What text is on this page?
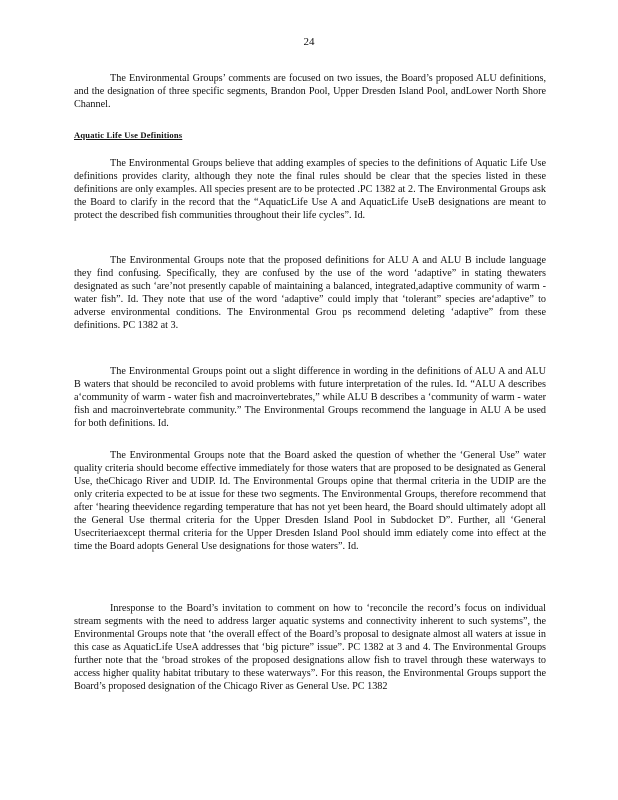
24

The Environmental Groups’ comments are focused on two issues, the Board’s proposed ALU definitions, and the designation of three specific segments, Brandon Pool, Upper Dresden Island Pool, andLower North Shore Channel.

Aquatic Life Use Definitions

The Environmental Groups believe that adding examples of species to the definitions of Aquatic Life Use definitions provides clarity, although they note the final rules should be clear that the species listed in these definitions are only examples. All species present are to be protected .PC 1382 at 2. The Environmental Groups ask the Board to clarify in the record that the “AquaticLife Use A and AquaticLife UseB designations are meant to protect the described fish communities throughout their life cycles”. Id.

The Environmental Groups note that the proposed definitions for ALU A and ALU B include language they find confusing. Specifically, they are confused by the use of the word ‘adaptive” in stating thewaters designated as such ‘are’not presently capable of maintaining a balanced, integrated,adaptive community of warm - water fish”. Id. They note that use of the word ‘adaptive” could imply that ‘tolerant” species are‘adaptive” to adverse environmental conditions. The Environmental Grou ps recommend deleting ‘adaptive” from these definitions. PC 1382 at 3.

The Environmental Groups point out a slight difference in wording in the definitions of ALU A and ALU B waters that should be reconciled to avoid problems with future interpretation of the rules. Id. “ALU A describes a‘community of warm - water fish and macroinvertebrates,” while ALU B describes a ‘community of warm - water fish and macroinvertebrate community.” The Environmental Groups recommend the language in ALU A be used for both definitions. Id.

The Environmental Groups note that the Board asked the question of whether the ‘General Use” water quality criteria should become effective immediately for those waters that are proposed to be designated as General Use, theChicago River and UDIP. Id. The Environmental Groups opine that thermal criteria in the UDIP are the only criteria expected to be at issue for these two segments. The Environmental Groups, therefore recommend that after ‘hearing theevidence regarding temperature that has not yet been heard, the Board should ultimately adopt all the General Use thermal criteria for the Upper Dresden Island Pool in Subdocket D”. Further, all ‘General Usecriteriaexcept thermal criteria for the Upper Dresden Island Pool should imm ediately come into effect at the time the Board adopts General Use designations for those waters”. Id.

Inresponse to the Board’s invitation to comment on how to ‘reconcile the record’s focus on individual stream segments with the need to address larger aquatic systems and connectivity inherent to such systems”, the Environmental Groups note that ‘the overall effect of the Board’s proposal to designate almost all waters at issue in this case as AquaticLife UseA addresses that ‘big picture” issue”. PC 1382 at 3 and 4. The Environmental Groups further note that the ‘broad strokes of the proposed designations allow fish to travel through these waterways to access higher quality habitat tributary to these waterways”. For this reason, the Environmental Groups support the Board’s proposed designation of the Chicago River as General Use. PC 1382
